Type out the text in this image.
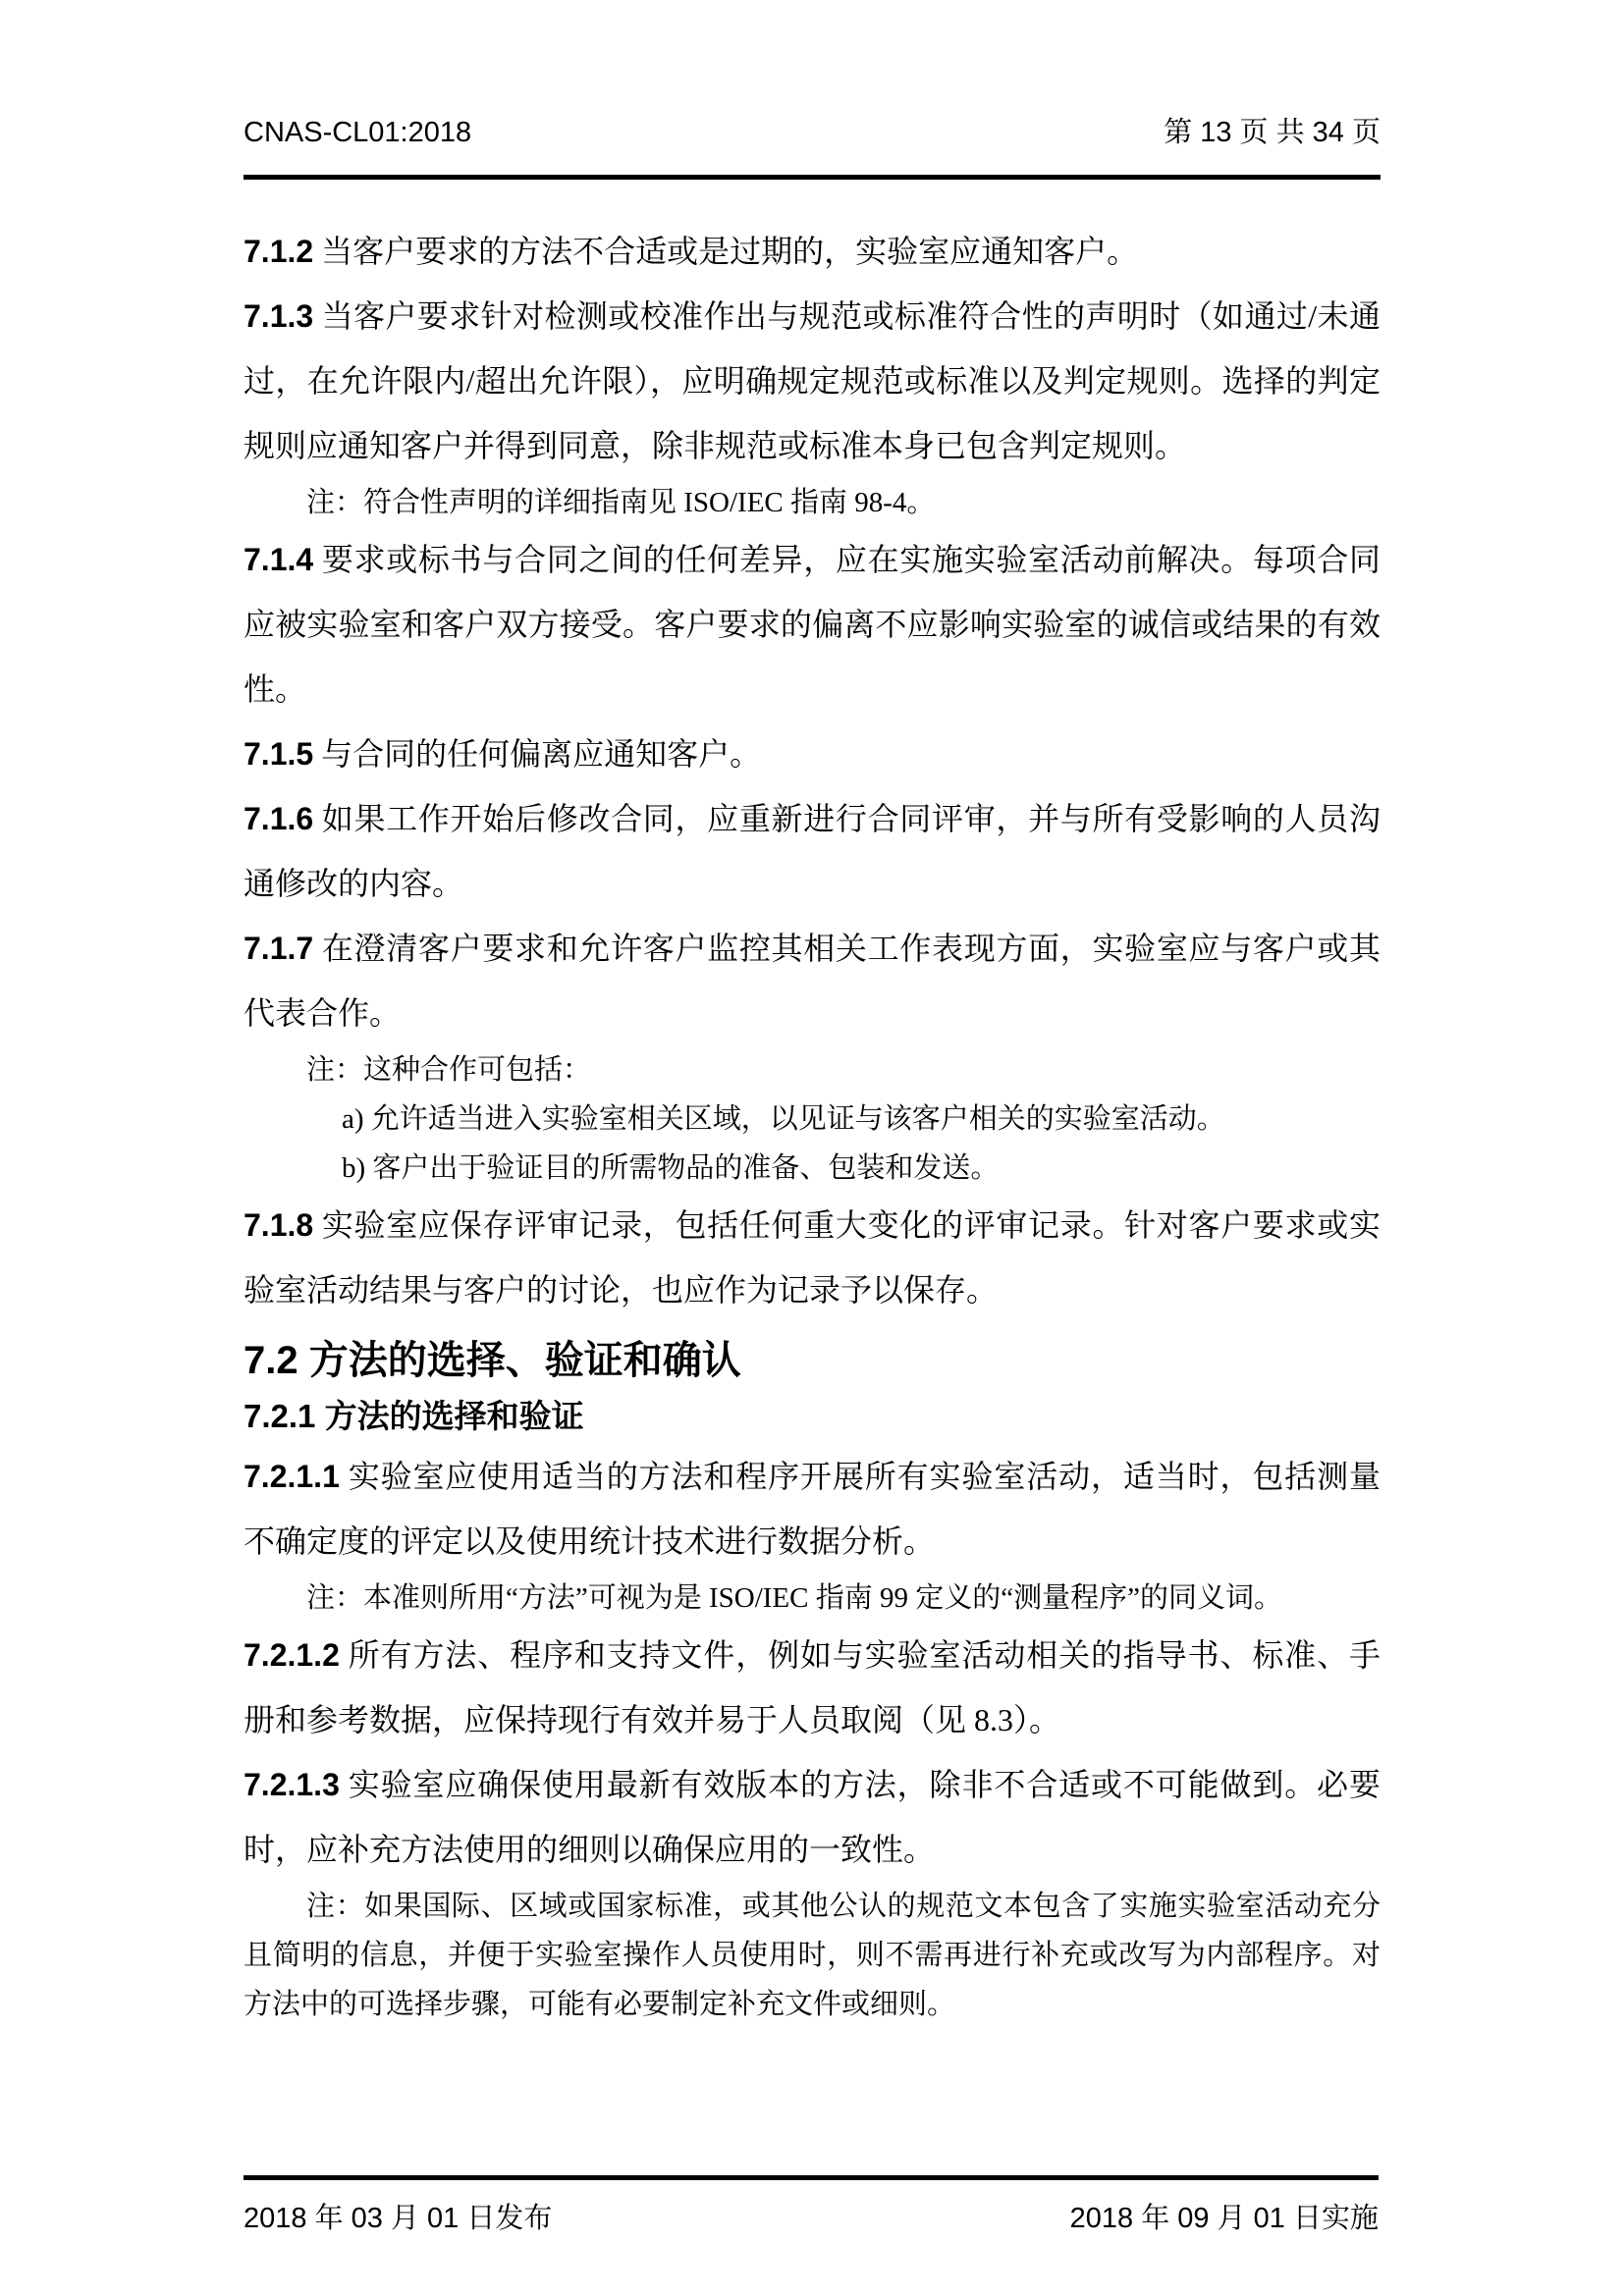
CNAS-CL01:2018	第 13 页 共 34 页

7.1.2 当客户要求的方法不合适或是过期的，实验室应通知客户。

7.1.3 当客户要求针对检测或校准作出与规范或标准符合性的声明时（如通过/未通过，在允许限内/超出允许限），应明确规定规范或标准以及判定规则。选择的判定规则应通知客户并得到同意，除非规范或标准本身已包含判定规则。

注：符合性声明的详细指南见 ISO/IEC 指南 98-4。

7.1.4 要求或标书与合同之间的任何差异，应在实施实验室活动前解决。每项合同应被实验室和客户双方接受。客户要求的偏离不应影响实验室的诚信或结果的有效性。

7.1.5 与合同的任何偏离应通知客户。

7.1.6 如果工作开始后修改合同，应重新进行合同评审，并与所有受影响的人员沟通修改的内容。

7.1.7 在澄清客户要求和允许客户监控其相关工作表现方面，实验室应与客户或其代表合作。

注：这种合作可包括：

a) 允许适当进入实验室相关区域，以见证与该客户相关的实验室活动。

b) 客户出于验证目的所需物品的准备、包装和发送。

7.1.8 实验室应保存评审记录，包括任何重大变化的评审记录。针对客户要求或实验室活动结果与客户的讨论，也应作为记录予以保存。

7.2 方法的选择、验证和确认

7.2.1 方法的选择和验证

7.2.1.1 实验室应使用适当的方法和程序开展所有实验室活动，适当时，包括测量不确定度的评定以及使用统计技术进行数据分析。

注：本准则所用“方法”可视为是 ISO/IEC 指南 99 定义的“测量程序”的同义词。

7.2.1.2 所有方法、程序和支持文件，例如与实验室活动相关的指导书、标准、手册和参考数据，应保持现行有效并易于人员取阅（见 8.3）。

7.2.1.3 实验室应确保使用最新有效版本的方法，除非不合适或不可能做到。必要时，应补充方法使用的细则以确保应用的一致性。

注：如果国际、区域或国家标准，或其他公认的规范文本包含了实施实验室活动充分且简明的信息，并便于实验室操作人员使用时，则不需再进行补充或改写为内部程序。对方法中的可选择步骤，可能有必要制定补充文件或细则。

2018 年 03 月 01 日发布	2018 年 09 月 01 日实施
